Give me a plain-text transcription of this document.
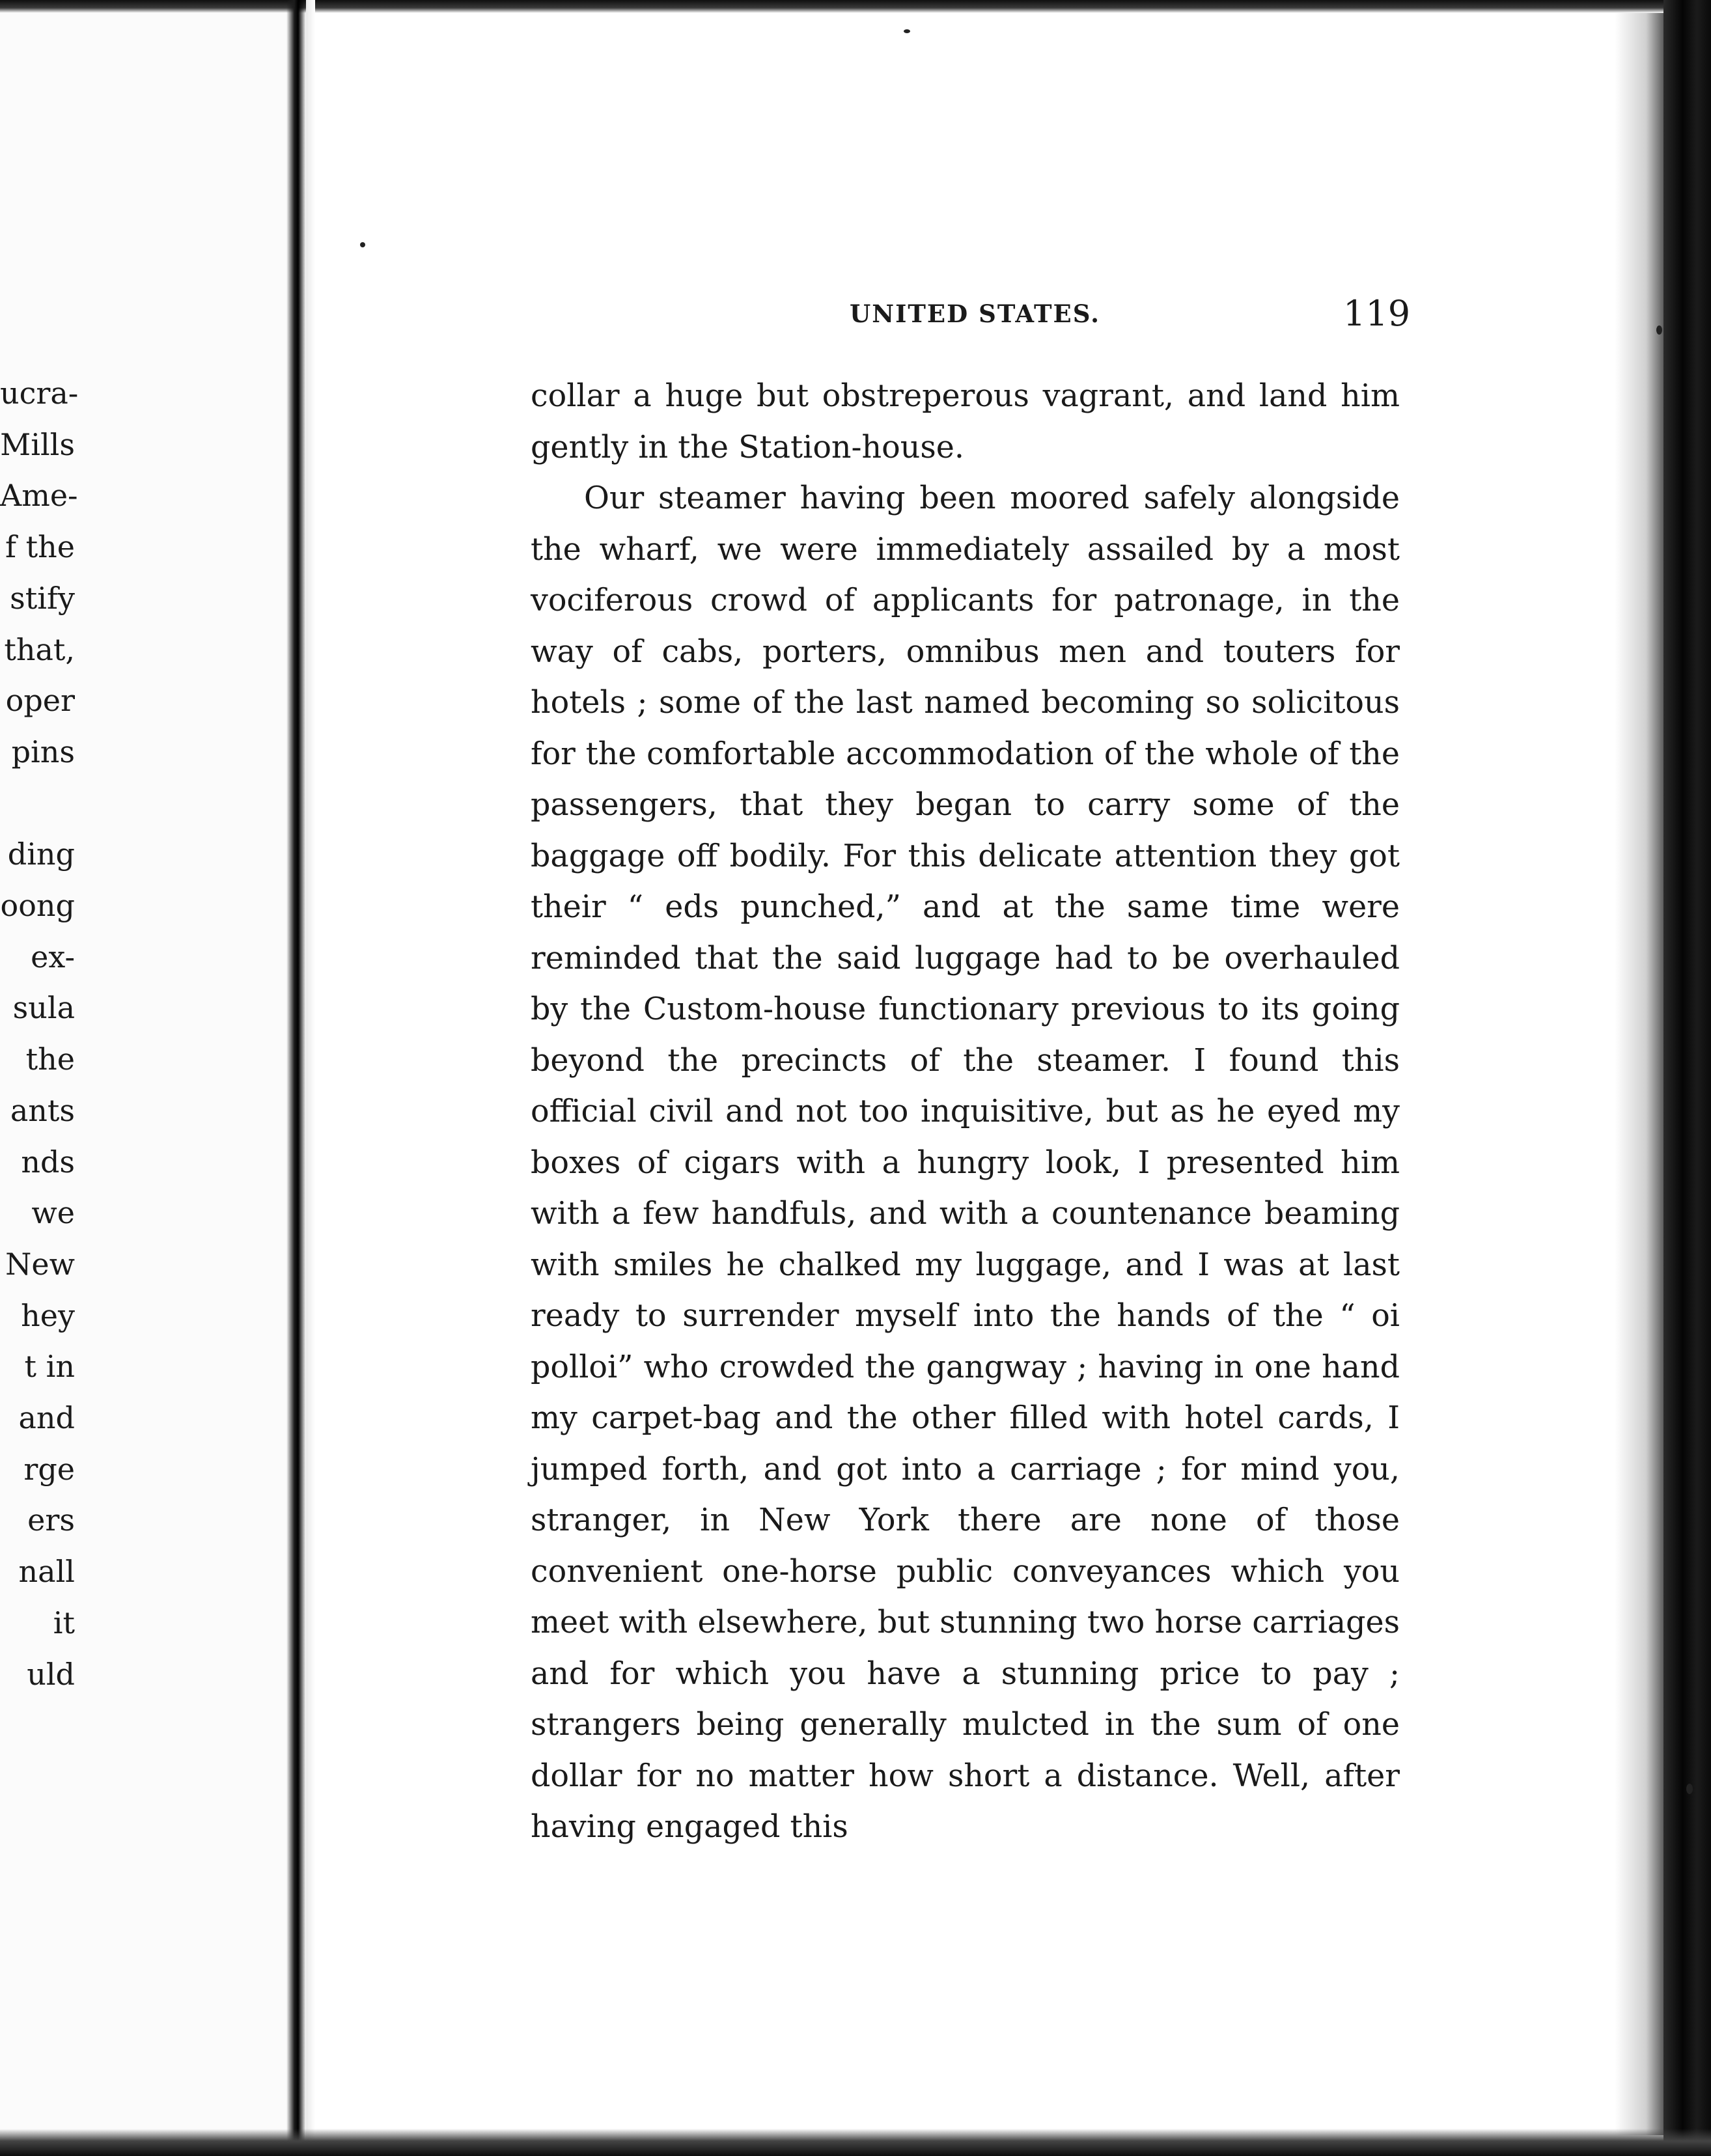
ucra-
Mills
Ame-
f the
stify
that,
oper
pins
ding
oong
ex-
sula
the
ants
nds
we
New
hey
t in
and
rge
ers
nall
it
uld
UNITED STATES.	119

collar a huge but obstreperous vagrant, and land him gently in the Station-house.

Our steamer having been moored safely alongside the wharf, we were immediately assailed by a most vociferous crowd of applicants for patronage, in the way of cabs, porters, omnibus men and touters for hotels ; some of the last named becoming so solicitous for the comfortable accommodation of the whole of the passengers, that they began to carry some of the baggage off bodily. For this delicate attention they got their “ eds punched,” and at the same time were reminded that the said luggage had to be overhauled by the Custom-house functionary previous to its going beyond the precincts of the steamer. I found this official civil and not too inquisitive, but as he eyed my boxes of cigars with a hungry look, I presented him with a few handfuls, and with a countenance beaming with smiles he chalked my luggage, and I was at last ready to surrender myself into the hands of the “ oi polloi” who crowded the gangway ; having in one hand my carpet-bag and the other filled with hotel cards, I jumped forth, and got into a carriage ; for mind you, stranger, in New York there are none of those convenient one-horse public conveyances which you meet with elsewhere, but stunning two horse carriages and for which you have a stunning price to pay ; strangers being generally mulcted in the sum of one dollar for no matter how short a distance. Well, after having engaged this
